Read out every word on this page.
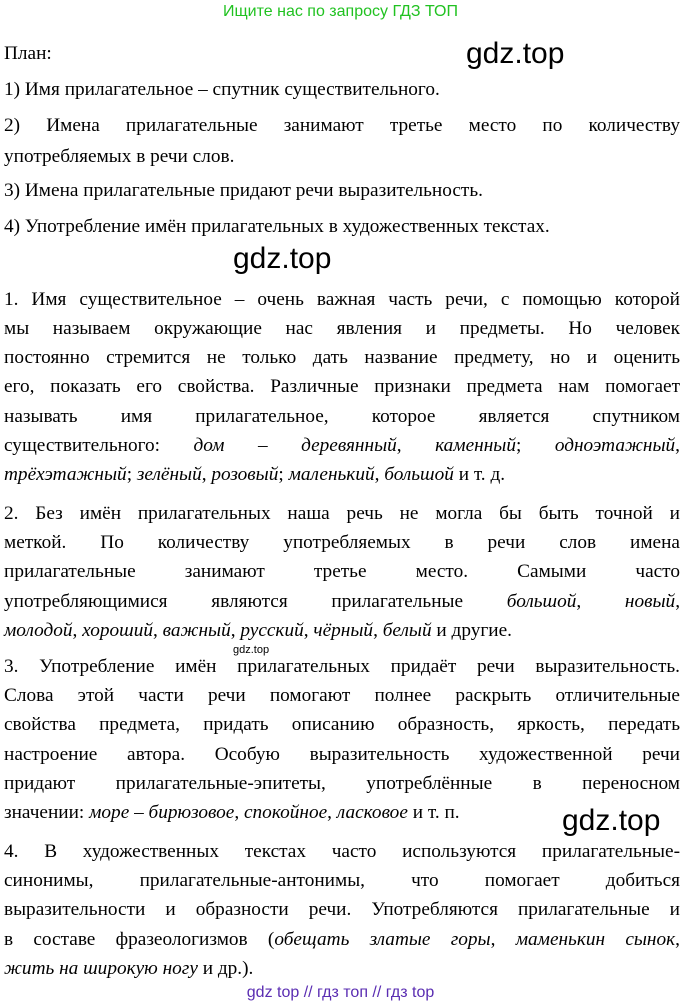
Ищите нас по запросу ГДЗ ТОП
gdz.top
gdz.top
gdz.top
gdz.top
План:
1) Имя прилагательное – спутник существительного.
2) Имена прилагательные занимают третье место по количеству
употребляемых в речи слов.
3) Имена прилагательные придают речи выразительность.
4) Употребление имён прилагательных в художественных текстах.
1. Имя существительное – очень важная часть речи, с помощью которой
мы называем окружающие нас явления и предметы. Но человек
постоянно стремится не только дать название предмету, но и оценить
его, показать его свойства. Различные признаки предмета нам помогает
называть имя прилагательное, которое является спутником
существительного: дом – деревянный, каменный; одноэтажный,
трёхэтажный; зелёный, розовый; маленький, большой и т. д.
2. Без имён прилагательных наша речь не могла бы быть точной и
меткой. По количеству употребляемых в речи слов имена
прилагательные занимают третье место. Самыми часто
употребляющимися являются прилагательные большой, новый,
молодой, хороший, важный, русский, чёрный, белый и другие.
3. Употребление имён прилагательных придаёт речи выразительность.
Слова этой части речи помогают полнее раскрыть отличительные
свойства предмета, придать описанию образность, яркость, передать
настроение автора. Особую выразительность художественной речи
придают прилагательные-эпитеты, употреблённые в переносном
значении: море – бирюзовое, спокойное, ласковое и т. п.
4. В художественных текстах часто используются прилагательные-
синонимы, прилагательные-антонимы, что помогает добиться
выразительности и образности речи. Употребляются прилагательные и
в составе фразеологизмов (обещать златые горы, маменькин сынок,
жить на широкую ногу и др.).
gdz top // гдз топ // гдз top
